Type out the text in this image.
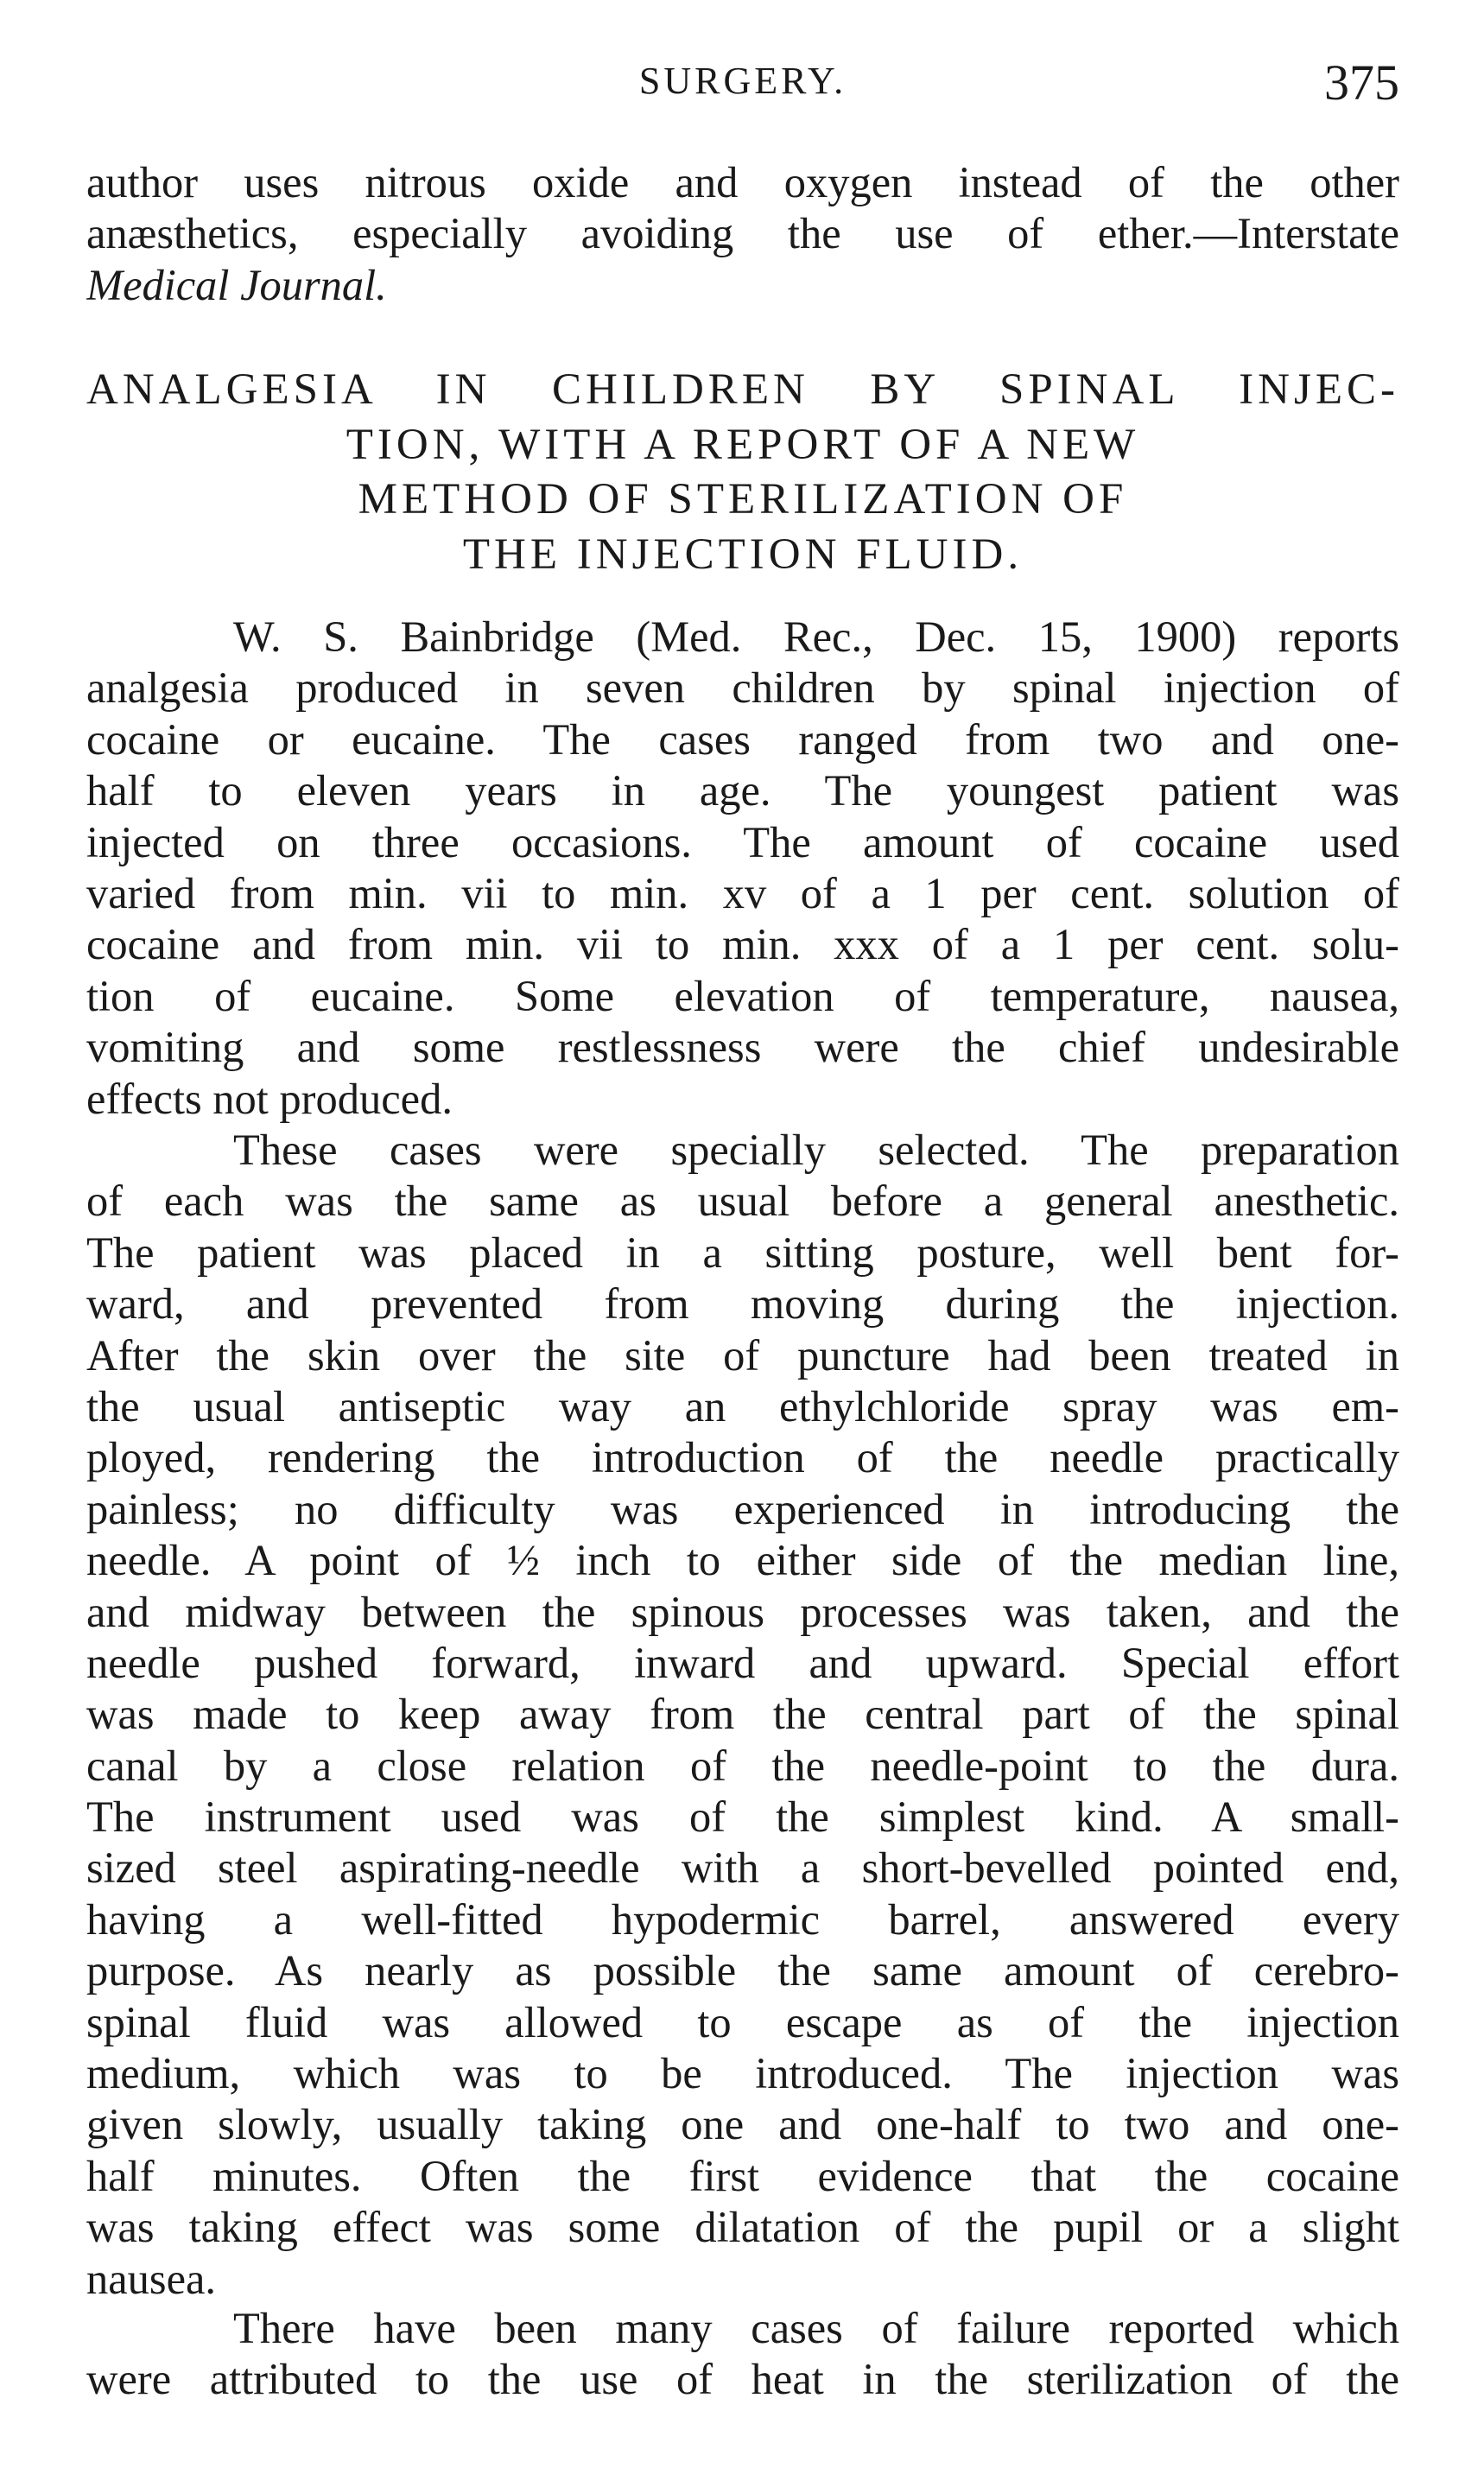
SURGERY.	375
author uses nitrous oxide and oxygen instead of the other
anæsthetics, especially avoiding the use of ether.—Interstate
Medical Journal.
ANALGESIA IN CHILDREN BY SPINAL INJEC-
TION, WITH A REPORT OF A NEW
METHOD OF STERILIZATION OF
THE INJECTION FLUID.
W. S. Bainbridge (Med. Rec., Dec. 15, 1900) reports
analgesia produced in seven children by spinal injection of
cocaine or eucaine. The cases ranged from two and one-
half to eleven years in age. The youngest patient was
injected on three occasions. The amount of cocaine used
varied from min. vii to min. xv of a 1 per cent. solution of
cocaine and from min. vii to min. xxx of a 1 per cent. solu-
tion of eucaine. Some elevation of temperature, nausea,
vomiting and some restlessness were the chief undesirable
effects not produced.
These cases were specially selected. The preparation
of each was the same as usual before a general anesthetic.
The patient was placed in a sitting posture, well bent for-
ward, and prevented from moving during the injection.
After the skin over the site of puncture had been treated in
the usual antiseptic way an ethylchloride spray was em-
ployed, rendering the introduction of the needle practically
painless; no difficulty was experienced in introducing the
needle. A point of ½ inch to either side of the median line,
and midway between the spinous processes was taken, and the
needle pushed forward, inward and upward. Special effort
was made to keep away from the central part of the spinal
canal by a close relation of the needle-point to the dura.
The instrument used was of the simplest kind. A small-
sized steel aspirating-needle with a short-bevelled pointed end,
having a well-fitted hypodermic barrel, answered every
purpose. As nearly as possible the same amount of cerebro-
spinal fluid was allowed to escape as of the injection
medium, which was to be introduced. The injection was
given slowly, usually taking one and one-half to two and one-
half minutes. Often the first evidence that the cocaine
was taking effect was some dilatation of the pupil or a slight
nausea.
There have been many cases of failure reported which
were attributed to the use of heat in the sterilization of the
